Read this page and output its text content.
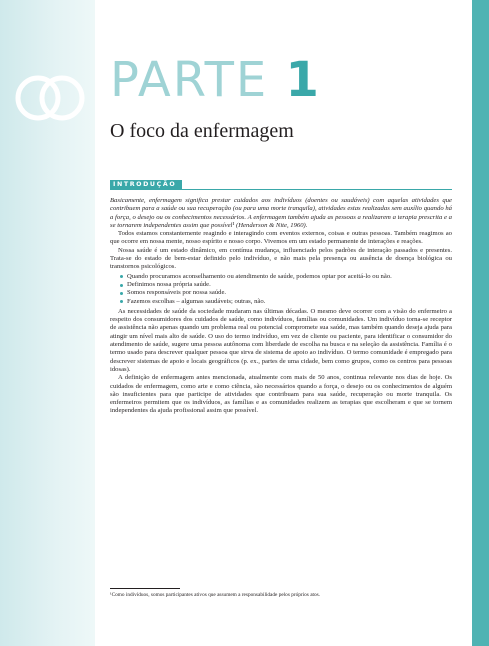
PARTE 1
O foco da enfermagem
INTRODUÇÃO

Basicamente, enfermagem significa prestar cuidados aos indivíduos (doentes ou saudáveis) com aquelas atividades que contribuem para a saúde ou sua recuperação (ou para uma morte tranquila), atividades estas realizadas sem auxílio quando há a força, o desejo ou os conhecimentos necessários. A enfermagem também ajuda as pessoas a realizarem a terapia prescrita e a se tornarem independentes assim que possível¹ (Henderson & Nite, 1960).

Todos estamos constantemente reagindo e interagindo com eventos externos, coisas e outras pessoas. Também reagimos ao que ocorre em nossa mente, nosso espírito e nosso corpo. Vivemos em um estado permanente de interações e reações.

Nossa saúde é um estado dinâmico, em contínua mudança, influenciado pelos padrões de interação passados e presentes. Trata-se do estado de bem-estar definido pelo indivíduo, e não mais pela presença ou ausência de doença biológica ou transtornos psicológicos.

Quando procuramos aconselhamento ou atendimento de saúde, podemos optar por aceitá-lo ou não.
Definimos nossa própria saúde.
Somos responsáveis por nossa saúde.
Fazemos escolhas – algumas saudáveis; outras, não.

As necessidades de saúde da sociedade mudaram nas últimas décadas. O mesmo deve ocorrer com a visão do enfermeiro a respeito dos consumidores dos cuidados de saúde, como indivíduos, famílias ou comunidades. Um indivíduo torna-se receptor de assistência não apenas quando um problema real ou potencial compromete sua saúde, mas também quando deseja ajuda para atingir um nível mais alto de saúde. O uso do termo indivíduo, em vez de cliente ou paciente, para identificar o consumidor do atendimento de saúde, sugere uma pessoa autônoma com liberdade de escolha na busca e na seleção da assistência. Família é o termo usado para descrever qualquer pessoa que sirva de sistema de apoio ao indivíduo. O termo comunidade é empregado para descrever sistemas de apoio e locais geográficos (p. ex., partes de uma cidade, bem como grupos, como os centros para pessoas idosas).

A definição de enfermagem antes mencionada, atualmente com mais de 50 anos, continua relevante nos dias de hoje. Os cuidados de enfermagem, como arte e como ciência, são necessários quando a força, o desejo ou os conhecimentos de alguém são insuficientes para que participe de atividades que contribuam para sua saúde, recuperação ou morte tranquila. Os enfermeiros permitem que os indivíduos, as famílias e as comunidades realizem as terapias que escolheram e que se tornem independentes da ajuda profissional assim que possível.

¹Como indivíduos, somos participantes ativos que assumem a responsabilidade pelos próprios atos.
